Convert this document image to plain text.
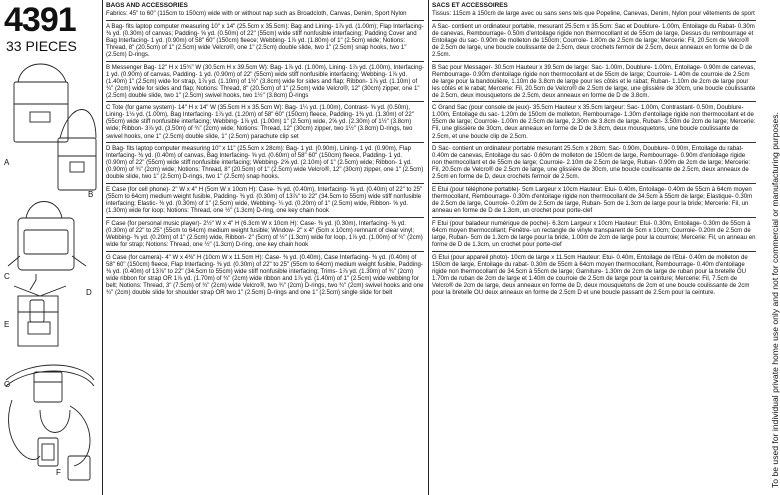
4391
33 PIECES
A
B
C
D
E
F
G
BAGS AND ACCESSORIES

Fabrics: 45" to 60" (115cm to 150cm) wide with or without nap such as Broadcloth, Canvas, Denim, Sport Nylon

A Bag- fits laptop computer measuring 10" x 14" (25.5cm x 35.5cm): Bag and Lining- 1⅞ yd. (1.00m); Flap Interfacing- ⅜ yd. (0.30m) of canvas; Padding- ⅝ yd. (0.50m) of 22" (55cm) wide stiff nonfusible interfacing; Padding Cover and Bag Interfacing- 1 yd. (0.90m) of 58" 60" (150cm) fleece; Webbing- 1⅞ yd. (1.80m) of 1" (2.5cm) wide; Notions: Thread, 8" (20.5cm) of 1" (2.5cm) wide Velcro®, one 1" (2.5cm) double slide, two 1" (2.5cm) snap hooks, two 1" (2.5cm) D-rings.

B Messenger Bag- 12" H x 15¾" W (30.5cm H x 39.5cm W): Bag- 1⅞ yd. (1.00m), Lining- 1⅞ yd. (1.00m), Interfacing- 1 yd. (0.90m) of canvas, Padding- 1 yd. (0.90m) of 22" (55cm) wide stiff nonfusible interfacing; Webbing- 1⅞ yd. (1.40m) 1" (2.5cm) wide for strap, 1⅞ yd. (1.10m) of 1½" (3.8cm) wide for sides and flap; Ribbon- 1⅞ yd. (1.10m) of ¾" (2cm) wide for sides and flap; Notions: Thread, 8" (20.5cm) of 1" (2.5cm) wide Velcro®, 12" (30cm) zipper, one 1" (2.5cm) double slide, two 1" (2.5cm) swivel hooks, two 1½" (3.8cm) D-rings

C Tote (for game system)- 14" H x 14" W (35.5cm H x 35.5cm W): Bag- 1¼ yd. (1.00m), Contrast- ⅝ yd. (0.50m), Lining- 1⅛ yd. (1.00m), Bag Interfacing- 1⅞ yd. (1.20m) of 58" 60" (150cm) fleece, Padding- 1⅜ yd. (1.30m) of 22" (55cm) wide stiff nonfusible interfacing; Webbing- 1⅞ yd. (1.00m) 1" (2.5cm) wide, 2⅝ yd. (2.30m) of 1½" (3.8cm) wide; Ribbon- 3⅞ yd. (3.50m) of ¾" (2cm) wide; Notions: Thread, 12" (30cm) zipper, two 1½" (3.8cm) D-rings, two swivel hooks, one 1" (2.5cm) double slide, 1" (2.5cm) parachute clip set

D Bag- fits laptop computer measuring 10" x 11" (25.5cm x 28cm): Bag- 1 yd. (0.90m), Lining- 1 yd. (0.90m), Flap Interfacing- ⅜ yd. (0.40m) of canvas, Bag Interfacing- ⅝ yd. (0.60m) of 58" 60" (150cm) fleece, Padding- 1 yd. (0.90m) of 22" (55cm) wide stiff nonfusible interfacing; Webbing- 2⅝ yd. (2.10m) of 1" (2.5cm) wide; Ribbon- 1 yd. (0.90m) of ¾" (2cm) wide; Notions: Thread, 8" (20.5cm) of 1" (2.5cm) wide Velcro®, 12" (30cm) zipper, one 1" (2.5cm) double slide, two 1" (2.5cm) D-rings, two 1" (2.5cm) snap hooks.

E Case (for cell phone)- 2" W x 4" H (5cm W x 10cm H): Case- ⅜ yd. (0.40m), Interfacing- ⅝ yd. (0.40m) of 22" to 25" (55cm to 64cm) medium weight fusible, Padding- ⅜ yd. (0.30m) of 13⅞" to 22" (34.5cm to 55cm) wide stiff nonfusible interfacing; Elastic- ⅜ yd. (0.30m) of 1" (2.5cm) wide, Webbing- ¼ yd. (0.20m) of 1" (2.5cm) wide, Ribbon- ⅝ yd. (1.30m) wide for loop; Notions: Thread, one ½" (1.3cm) D-ring, one key chain hook

F Case (for personal music player)- 2½" W x 4" H (6.3cm W x 10cm H): Case- ⅜ yd. (0.30m), Interfacing- ⅜ yd. (0.30m) of 22" to 25" (55cm to 64cm) medium weight fusible; Window- 2" x 4" (5cm x 10cm) remnant of clear vinyl; Webbing- ⅜ yd. (0.20m) of 1" (2.5cm) wide, Ribbon- 2" (5cm) of ½" (1.3cm) wide for loop, 1⅞ yd. (1.00m) of ¾" (2cm) wide for strap; Notions: Thread, one ½" (1.3cm) D-ring, one key chain hook

G Case (for camera)- 4" W x 4⅜" H (10cm W x 11.5cm H): Case- ⅜ yd. (0.40m), Case Interfacing- ⅜ yd. (0.40m) of 58" 60" (150cm) fleece, Flap Interfacing- ⅜ yd. (0.30m) of 22" to 25" (55cm to 64cm) medium weight fusible, Padding- ⅜ yd. (0.40m) of 13⅞" to 22" (34.5cm to 55cm) wide stiff nonfusible interfacing; Trims- 1⅞ yd. (1.30m) of ¾" (2cm) wide ribbon for strap OR 1⅞ yd. (1.70m) of ¾" (2cm) wide ribbon and 1⅞ yd. (1.40m) of 1" (2.5cm) wide webbing for belt; Notions: Thread, 3" (7.5cm) of ¾" (2cm) wide Velcro®, two ¾" (2cm) D-rings, two ¾" (2cm) swivel hooks and one ¾" (2cm) double slide for shoulder strap OR two 1" (2.5cm) D-rings and one 1" (2.5cm) single slide for belt

SACS ET ACCESSOIRES

Tissus: 115cm à 150cm de large avec ou sans sens tels que Popeline, Canevas, Denim, Nylon pour vêtements de sport

A Sac- contient un ordinateur portable, mesurant 25.5cm x 35.5cm: Sac et Doublure- 1.00m, Entoilage du Rabat- 0.30m de canevas, Rembourrage- 0.50m d'entoilage rigide non thermocollant et de 55cm de large, Dessus du rembourrage et Entoilage du sac- 0.90m de molleton de 150cm; Courroie- 1.80m de 2.5cm de large; Mercerie: Fil, 20.5cm de Velcro® de 2.5cm de large, une boucle coulissante de 2.5cm, deux crochets fermoir de 2.5cm, deux anneaux en forme de D de 2.5cm.

B Sac pour Messager- 30.5cm Hauteur x 39.5cm de large: Sac- 1.00m, Doublure- 1.00m, Entoilage- 0.90m de canevas, Rembourrage- 0.90m d'entoilage rigide non thermocollant et de 55cm de large; Courroie- 1.40m de courroie de 2.5cm de large pour la bandoulière, 1.10m de 3.8cm de large pour les côtés et le rabat; Ruban- 1.10m de 2cm de large pour les côtés et le rabat; Mercerie: Fil, 20.5cm de Velcro® de 2.5cm de large, une glissière de 30cm, une boucle coulissante de 2.5cm, deux mousquetons de 2.5cm, deux anneaux en forme de D de 3.8cm.

C Grand Sac (pour console de jeux)- 35.5cm Hauteur x 35.5cm largeur: Sac- 1.00m, Contrastant- 0.50m, Doublure- 1.00m, Entoilage du sac- 1.20m de 150cm de molleton, Rembourrage- 1.30m d'entoilage rigide non thermocollant et de 55cm de large; Courroie- 1.00m de 2.5cm de large, 2.30m de 3.8cm de large, Ruban- 3.50m de 2cm de large; Mercerie: Fil, une glissière de 30cm, deux anneaux en forme de D de 3.8cm, deux mousquetons, une boucle coulissante de 2.5cm, et une boucle clip de 2.5cm.

D Sac- contient un ordinateur portable mesurant 25.5cm x 28cm: Sac- 0.90m, Doublure- 0.90m, Entoilage du rabat- 0.40m de canevas, Entoilage du sac- 0.60m de molleton de 150cm de large, Rembourrage- 0.90m d'entoilage rigide non thermocollant et de 55cm de large; Courroie- 2.10m de 2.5cm de large, Ruban- 0.90m de 2cm de large; Mercerie: Fil, 20.5cm de Velcro® de 2.5cm de large, une glissière de 30cm, une boucle coulissante de 2.5cm, deux anneaux de 2.5cm en forme de D, deux crochets fermoir de 2.5cm.

E Etui (pour téléphone portable)- 5cm Largeur x 10cm Hauteur: Etui- 0.40m, Entoilage- 0.40m de 55cm à 64cm moyen thermocollant, Rembourrage- 0.30m d'entoilage rigide non thermocollant de 34.5cm à 55cm de large; Elastique- 0.30m de 2.5cm de large, Courroie- 0.20m de 2.5cm de large, Ruban- 5cm de 1.3cm de large pour la bride; Mercerie: Fil, un anneau en forme de D de 1.3cm, un crochet pour porte-clef

F Etui (pour baladeur numérique de poche)- 6.3cm Largeur x 10cm Hauteur: Etui- 0.30m, Entoilage- 0.30m de 55cm à 64cm moyen thermocollant; Fenêtre- un rectangle de vinyle transparent de 5cm x 10cm; Courroie- 0.20m de 2.5cm de large, Ruban- 5cm de 1.3cm de large pour la bride, 1.00m de 2cm de large pour la courroie; Mercerie: Fil, un anneau en forme de D de 1.3cm, un crochet pour porte-clef

G Etui (pour appareil photo)- 10cm de large x 11.5cm Hauteur: Etui- 0.40m, Entoilage de l'Etui- 0.40m de molleton de 150cm de large, Entoilage du rabat- 0.30m de 55cm à 64cm moyen thermocollant, Rembourrage- 0.40m d'entoilage rigide non thermocollant de 34.5cm à 55cm de large; Garniture- 1.30m de 2cm de large de ruban pour la bretelle OU 1.70m de ruban de 2cm de large et 1.40m de courroie de 2.5cm de large pour la ceinture; Mercerie: Fil, 7.5cm de Velcro® de 2cm de large, deux anneaux en forme de D, deux mousquetons de 2cm et une boucle coulissante de 2cm pour la bretelle OU deux anneaux en forme de 2.5cm D et une boucle passant de 2.5cm pour la ceinture.	To be used for individual private home use only and not for commercial or manufacturing purposes.
